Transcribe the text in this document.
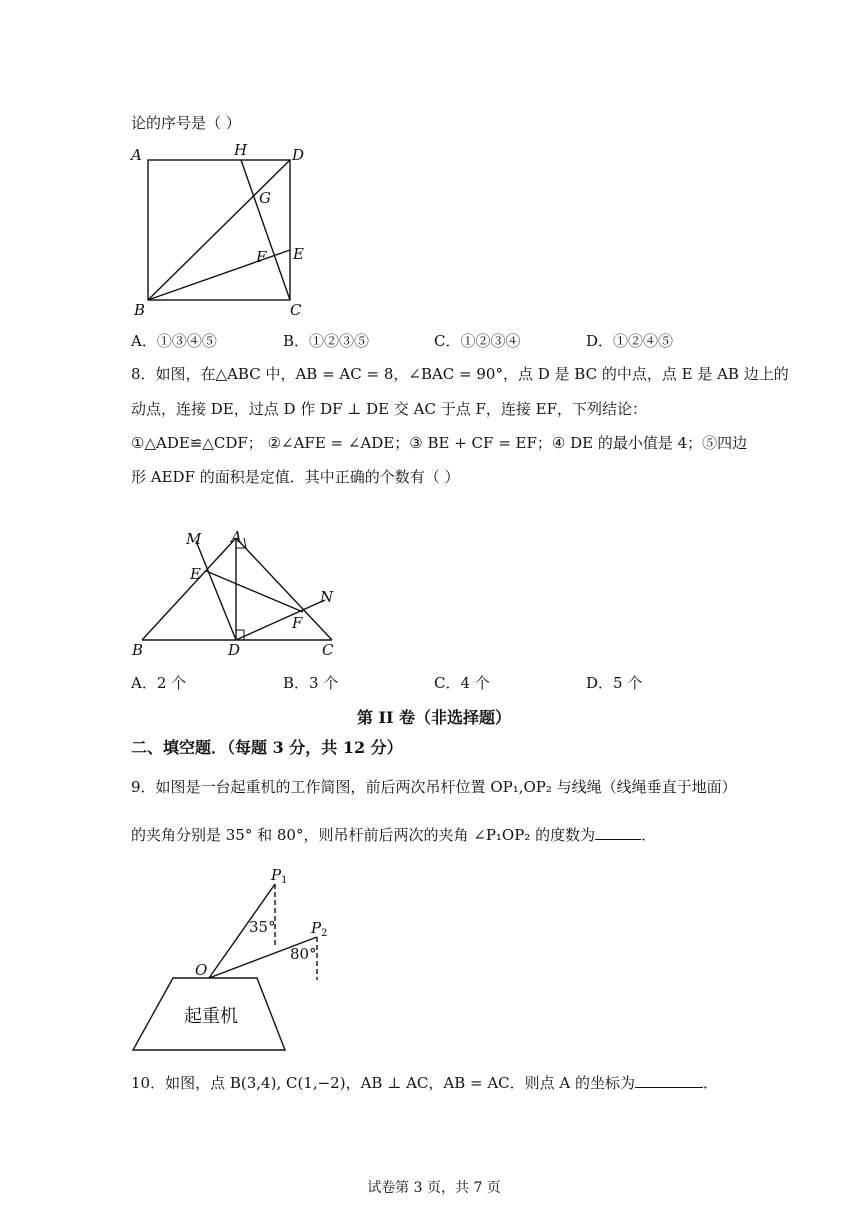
论的序号是（ ）
A	H	D
G
E
F
B	C
A．①③④⑤	B．①②③⑤	C．①②③④	D．①②④⑤
8．如图，在△ABC 中，AB = AC = 8，∠BAC = 90°，点 D 是 BC 的中点，点 E 是 AB 边上的
动点，连接 DE，过点 D 作 DF ⊥ DE 交 AC 于点 F，连接 EF，下列结论：
①△ADE≌△CDF； ②∠AFE = ∠ADE；③ BE + CF = EF；④ DE 的最小值是 4；⑤四边
形 AEDF 的面积是定值．其中正确的个数有（ ）
M A
E
N
F
B	D	C
A．2 个	B．3 个	C．4 个	D．5 个
第 II 卷（非选择题）
二、填空题．（每题 3 分，共 12 分）
9．如图是一台起重机的工作简图，前后两次吊杆位置 OP₁,OP₂ 与线绳（线绳垂直于地面）
的夹角分别是 35° 和 80°，则吊杆前后两次的夹角 ∠P₁OP₂ 的度数为	．
$P_1$
$P_2$
35°
80°
O
起重机
10．如图，点 B(3,4), C(1,−2)，AB ⊥ AC，AB = AC．则点 A 的坐标为	．
试卷第 3 页，共 7 页
